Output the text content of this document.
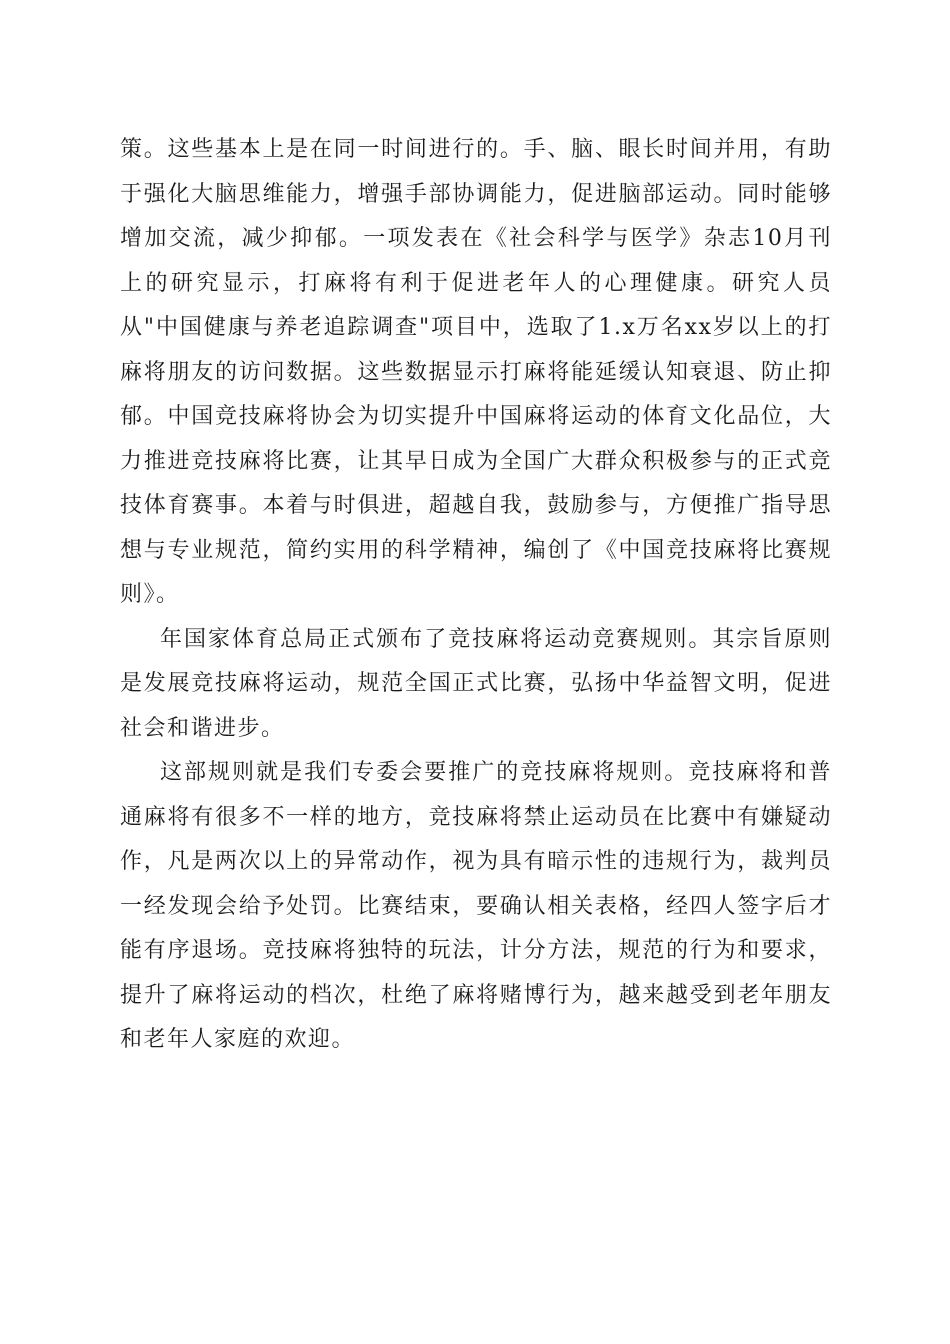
策。这些基本上是在同一时间进行的。手、脑、眼长时间并用，有助于强化大脑思维能力，增强手部协调能力，促进脑部运动。同时能够增加交流，减少抑郁。一项发表在《社会科学与医学》杂志10月刊上的研究显示，打麻将有利于促进老年人的心理健康。研究人员从"中国健康与养老追踪调查"项目中，选取了1.x万名xx岁以上的打麻将朋友的访问数据。这些数据显示打麻将能延缓认知衰退、防止抑郁。中国竞技麻将协会为切实提升中国麻将运动的体育文化品位，大力推进竞技麻将比赛，让其早日成为全国广大群众积极参与的正式竞技体育赛事。本着与时俱进，超越自我，鼓励参与，方便推广指导思想与专业规范，简约实用的科学精神，编创了《中国竞技麻将比赛规则》。

年国家体育总局正式颁布了竞技麻将运动竞赛规则。其宗旨原则是发展竞技麻将运动，规范全国正式比赛，弘扬中华益智文明，促进社会和谐进步。

这部规则就是我们专委会要推广的竞技麻将规则。竞技麻将和普通麻将有很多不一样的地方，竞技麻将禁止运动员在比赛中有嫌疑动作，凡是两次以上的异常动作，视为具有暗示性的违规行为，裁判员一经发现会给予处罚。比赛结束，要确认相关表格，经四人签字后才能有序退场。竞技麻将独特的玩法，计分方法，规范的行为和要求，提升了麻将运动的档次，杜绝了麻将赌博行为，越来越受到老年朋友和老年人家庭的欢迎。
